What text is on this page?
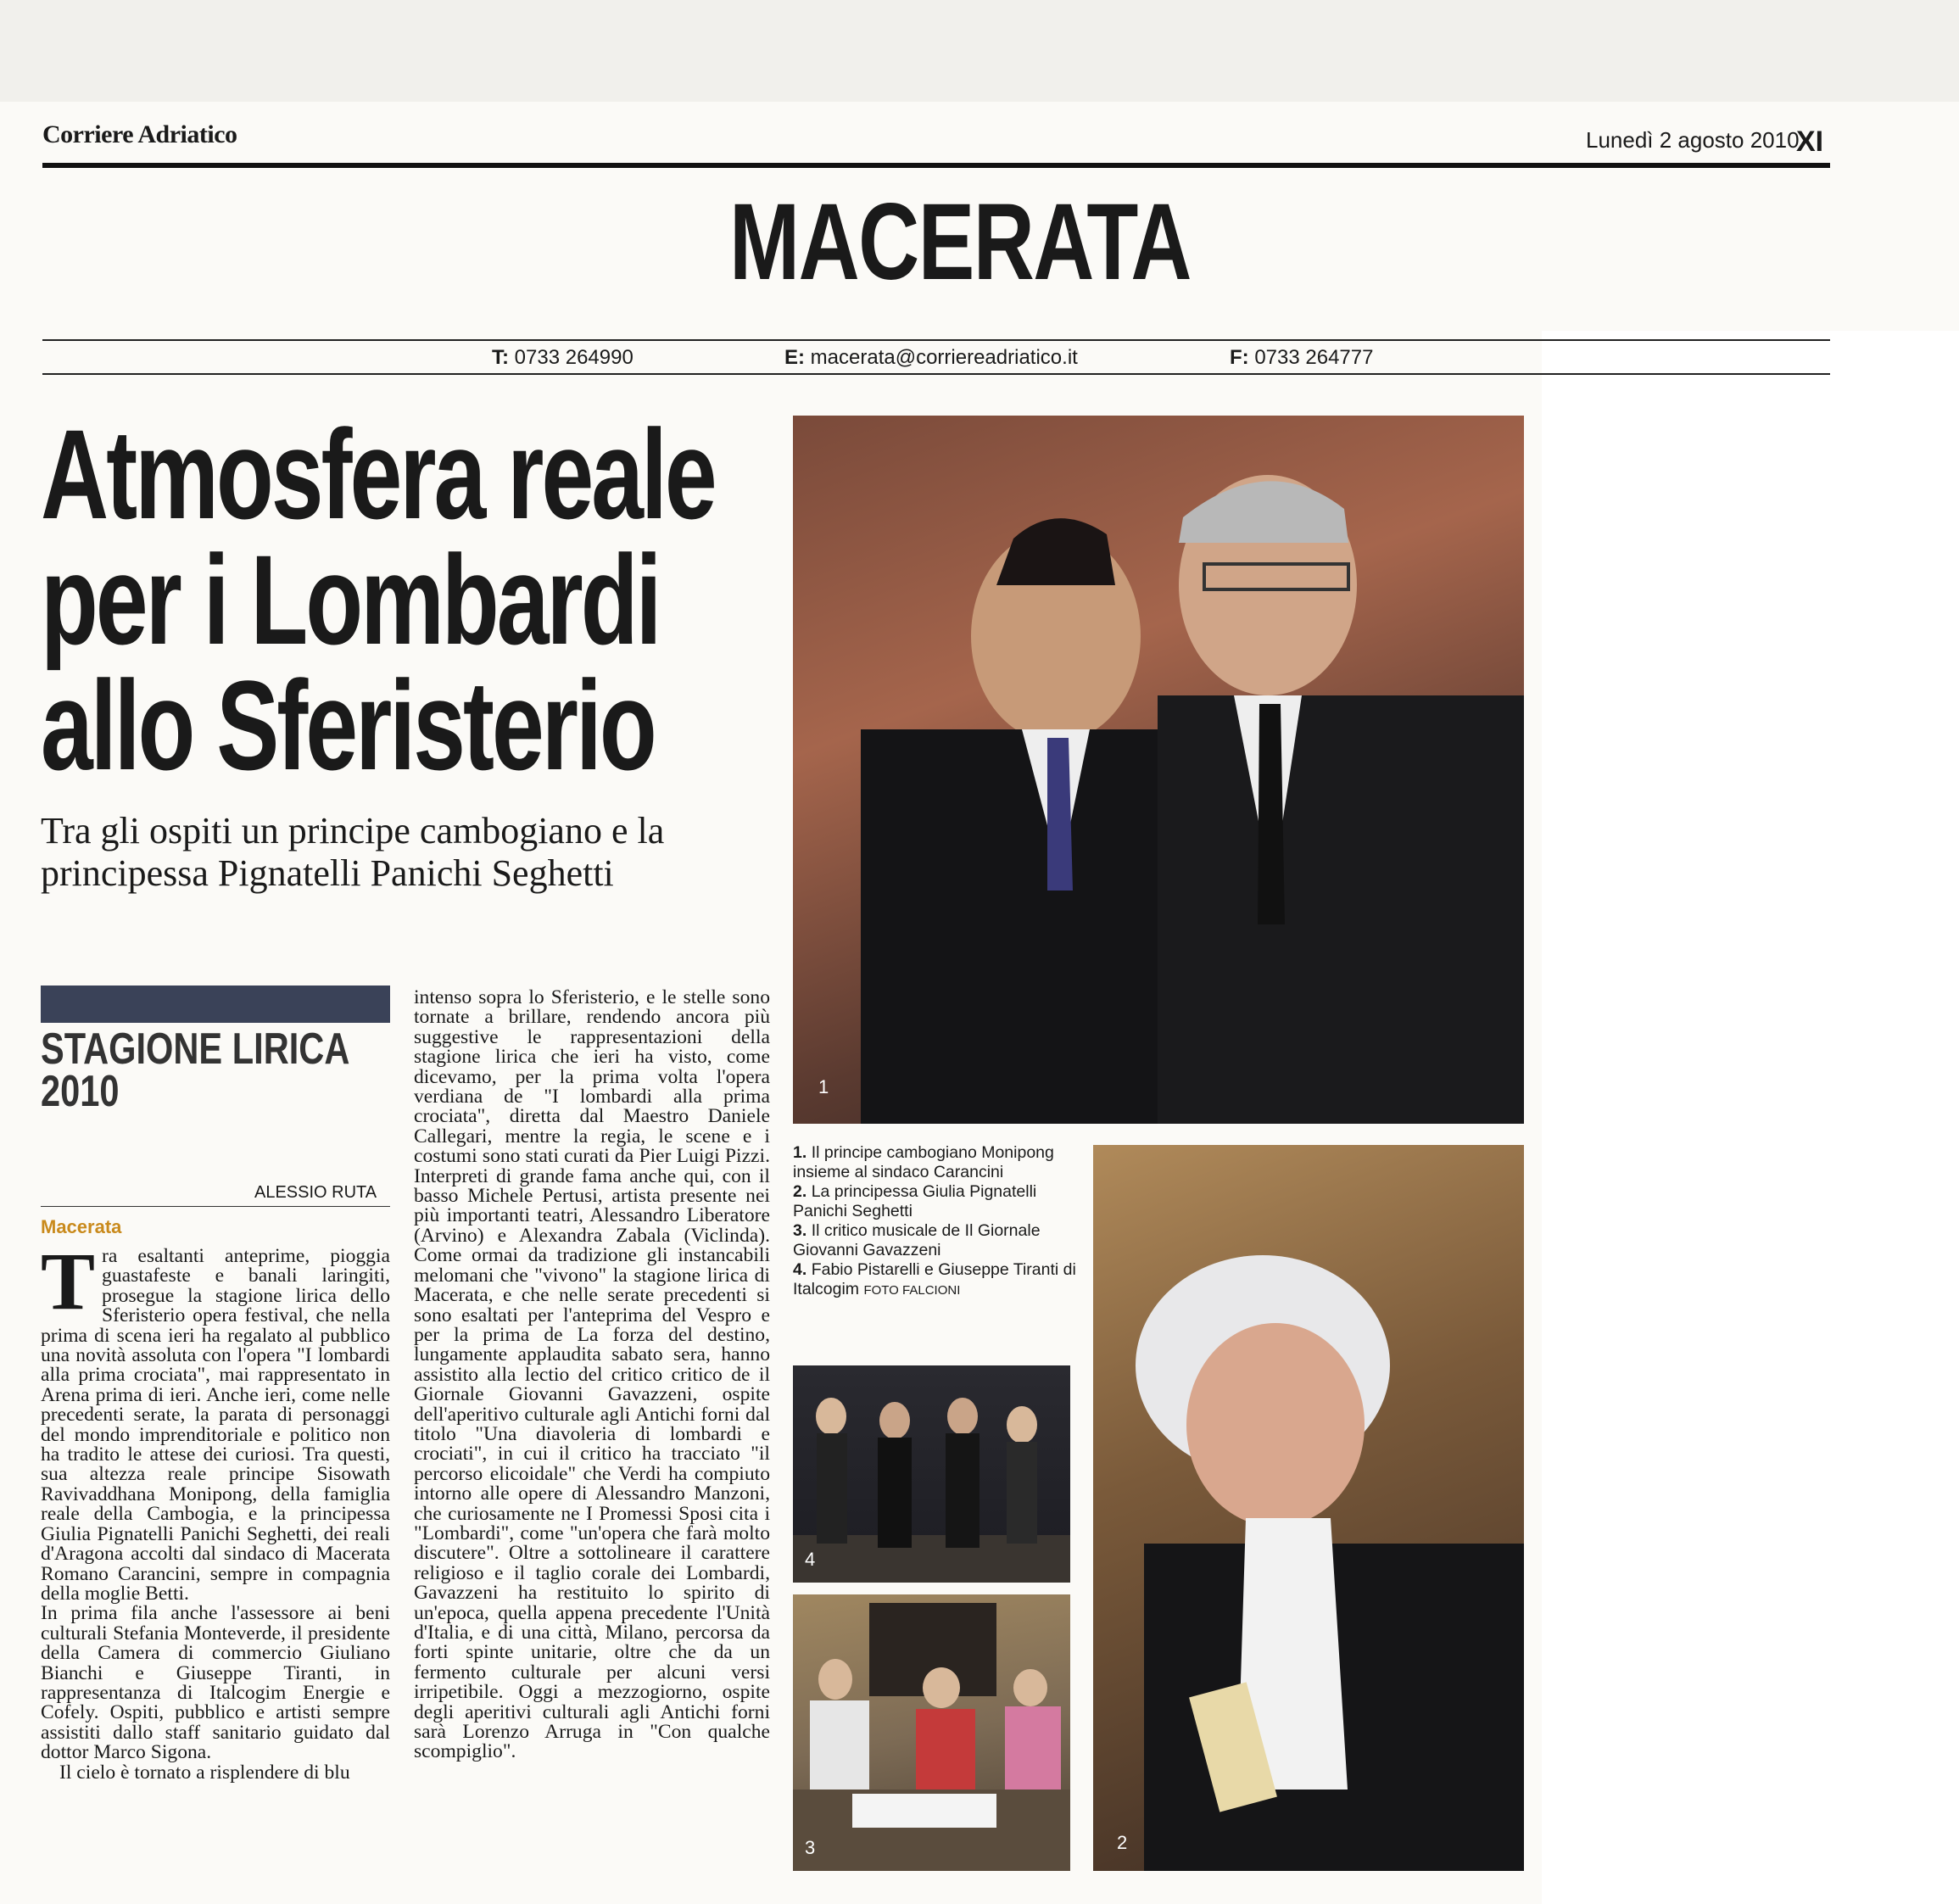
Corriere Adriatico	Lunedì 2 agosto 2010
XI
MACERATA
T: 0733 264990	E: macerata@corriereadriatico.it	F: 0733 264777
Atmosfera reale
per i Lombardi
allo Sferisterio
Tra gli ospiti un principe cambogiano e la principessa Pignatelli Panichi Seghetti
STAGIONE LIRICA
2010
ALESSIO RUTA
Macerata
Tra esaltanti anteprime, pioggia guastafeste e banali laringiti, prosegue la stagione lirica dello Sferisterio opera festival, che nella prima di scena ieri ha regalato al pubblico una novità assoluta con l'opera "I lombardi alla prima crociata", mai rappresentato in Arena prima di ieri. Anche ieri, come nelle precedenti serate, la parata di personaggi del mondo imprenditoriale e politico non ha tradito le attese dei curiosi. Tra questi, sua altezza reale principe Sisowath Ravivaddhana Monipong, della famiglia reale della Cambogia, e la principessa Giulia Pignatelli Panichi Seghetti, dei reali d'Aragona accolti dal sindaco di Macerata Romano Carancini, sempre in compagnia della moglie Betti.
In prima fila anche l'assessore ai beni culturali Stefania Monteverde, il presidente della Camera di commercio Giuliano Bianchi e Giuseppe Tiranti, in rappresentanza di Italcogim Energie e Cofely. Ospiti, pubblico e artisti sempre assistiti dallo staff sanitario guidato dal dottor Marco Sigona.
Il cielo è tornato a risplendere di blu
intenso sopra lo Sferisterio, e le stelle sono tornate a brillare, rendendo ancora più suggestive le rappresentazioni della stagione lirica che ieri ha visto, come dicevamo, per la prima volta l'opera verdiana de "I lombardi alla prima crociata", diretta dal Maestro Daniele Callegari, mentre la regia, le scene e i costumi sono stati curati da Pier Luigi Pizzi. Interpreti di grande fama anche qui, con il basso Michele Pertusi, artista presente nei più importanti teatri, Alessandro Liberatore (Arvino) e Alexandra Zabala (Viclinda). Come ormai da tradizione gli instancabili melomani che "vivono" la stagione lirica di Macerata, e che nelle serate precedenti si sono esaltati per l'anteprima del Vespro e per la prima de La forza del destino, lungamente applaudita sabato sera, hanno assistito alla lectio del critico critico de il Giornale Giovanni Gavazzeni, ospite dell'aperitivo culturale agli Antichi forni dal titolo "Una diavoleria di lombardi e crociati", in cui il critico ha tracciato "il percorso elicoidale" che Verdi ha compiuto intorno alle opere di Alessandro Manzoni, che curiosamente ne I Promessi Sposi cita i "Lombardi", come "un'opera che farà molto discutere". Oltre a sottolineare il carattere religioso e il taglio corale dei Lombardi, Gavazzeni ha restituito lo spirito di un'epoca, quella appena precedente l'Unità d'Italia, e di una città, Milano, percorsa da forti spinte unitarie, oltre che da un fermento culturale per alcuni versi irripetibile. Oggi a mezzogiorno, ospite degli aperitivi culturali agli Antichi forni sarà Lorenzo Arruga in "Con qualche scompiglio".
1
1. Il principe cambogiano Monipong insieme al sindaco Carancini
2. La principessa Giulia Pignatelli Panichi Seghetti
3. Il critico musicale de Il Giornale Giovanni Gavazzeni
4. Fabio Pistarelli e Giuseppe Tiranti di Italcogim FOTO FALCIONI
2
4
3
